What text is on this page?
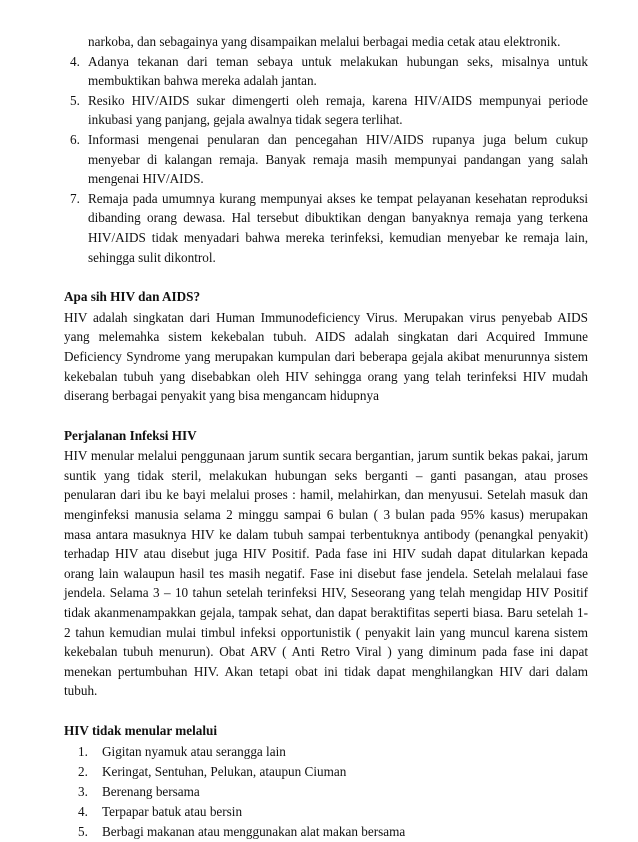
narkoba, dan sebagainya yang disampaikan melalui berbagai media cetak atau elektronik.
4. Adanya tekanan dari teman sebaya untuk melakukan hubungan seks, misalnya untuk membuktikan bahwa mereka adalah jantan.
5. Resiko HIV/AIDS sukar dimengerti oleh remaja, karena HIV/AIDS mempunyai periode inkubasi yang panjang, gejala awalnya tidak segera terlihat.
6. Informasi mengenai penularan dan pencegahan HIV/AIDS rupanya juga belum cukup menyebar di kalangan remaja. Banyak remaja masih mempunyai pandangan yang salah mengenai HIV/AIDS.
7. Remaja pada umumnya kurang mempunyai akses ke tempat pelayanan kesehatan reproduksi dibanding orang dewasa. Hal tersebut dibuktikan dengan banyaknya remaja yang terkena HIV/AIDS tidak menyadari bahwa mereka terinfeksi, kemudian menyebar ke remaja lain, sehingga sulit dikontrol.

Apa sih HIV dan AIDS?

HIV adalah singkatan dari Human Immunodeficiency Virus. Merupakan virus penyebab AIDS yang melemahka sistem kekebalan tubuh. AIDS adalah singkatan dari Acquired Immune Deficiency Syndrome yang merupakan kumpulan dari beberapa gejala akibat menurunnya sistem kekebalan tubuh yang disebabkan oleh HIV sehingga orang yang telah terinfeksi HIV mudah diserang berbagai penyakit yang bisa mengancam hidupnya

Perjalanan Infeksi HIV

HIV menular melalui penggunaan jarum suntik secara bergantian, jarum suntik bekas pakai, jarum suntik yang tidak steril, melakukan hubungan seks berganti – ganti pasangan, atau proses penularan dari ibu ke bayi melalui proses : hamil, melahirkan, dan menyusui. Setelah masuk dan menginfeksi manusia selama 2 minggu sampai 6 bulan ( 3 bulan pada 95% kasus) merupakan masa antara masuknya HIV ke dalam tubuh sampai terbentuknya antibody (penangkal penyakit) terhadap HIV atau disebut juga HIV Positif. Pada fase ini HIV sudah dapat ditularkan kepada orang lain walaupun hasil tes masih negatif. Fase ini disebut fase jendela. Setelah melalaui fase jendela. Selama 3 – 10 tahun setelah terinfeksi HIV, Seseorang yang telah mengidap HIV Positif tidak akanmenampakkan gejala, tampak sehat, dan dapat beraktifitas seperti biasa. Baru setelah 1- 2 tahun kemudian mulai timbul infeksi opportunistik ( penyakit lain yang muncul karena sistem kekebalan tubuh menurun). Obat ARV ( Anti Retro Viral ) yang diminum pada fase ini dapat menekan pertumbuhan HIV. Akan tetapi obat ini tidak dapat menghilangkan HIV dari dalam tubuh.

HIV tidak menular melalui

1. Gigitan nyamuk atau serangga lain
2. Keringat, Sentuhan, Pelukan, ataupun Ciuman
3. Berenang bersama
4. Terpapar batuk atau bersin
5. Berbagi makanan atau menggunakan alat makan bersama
